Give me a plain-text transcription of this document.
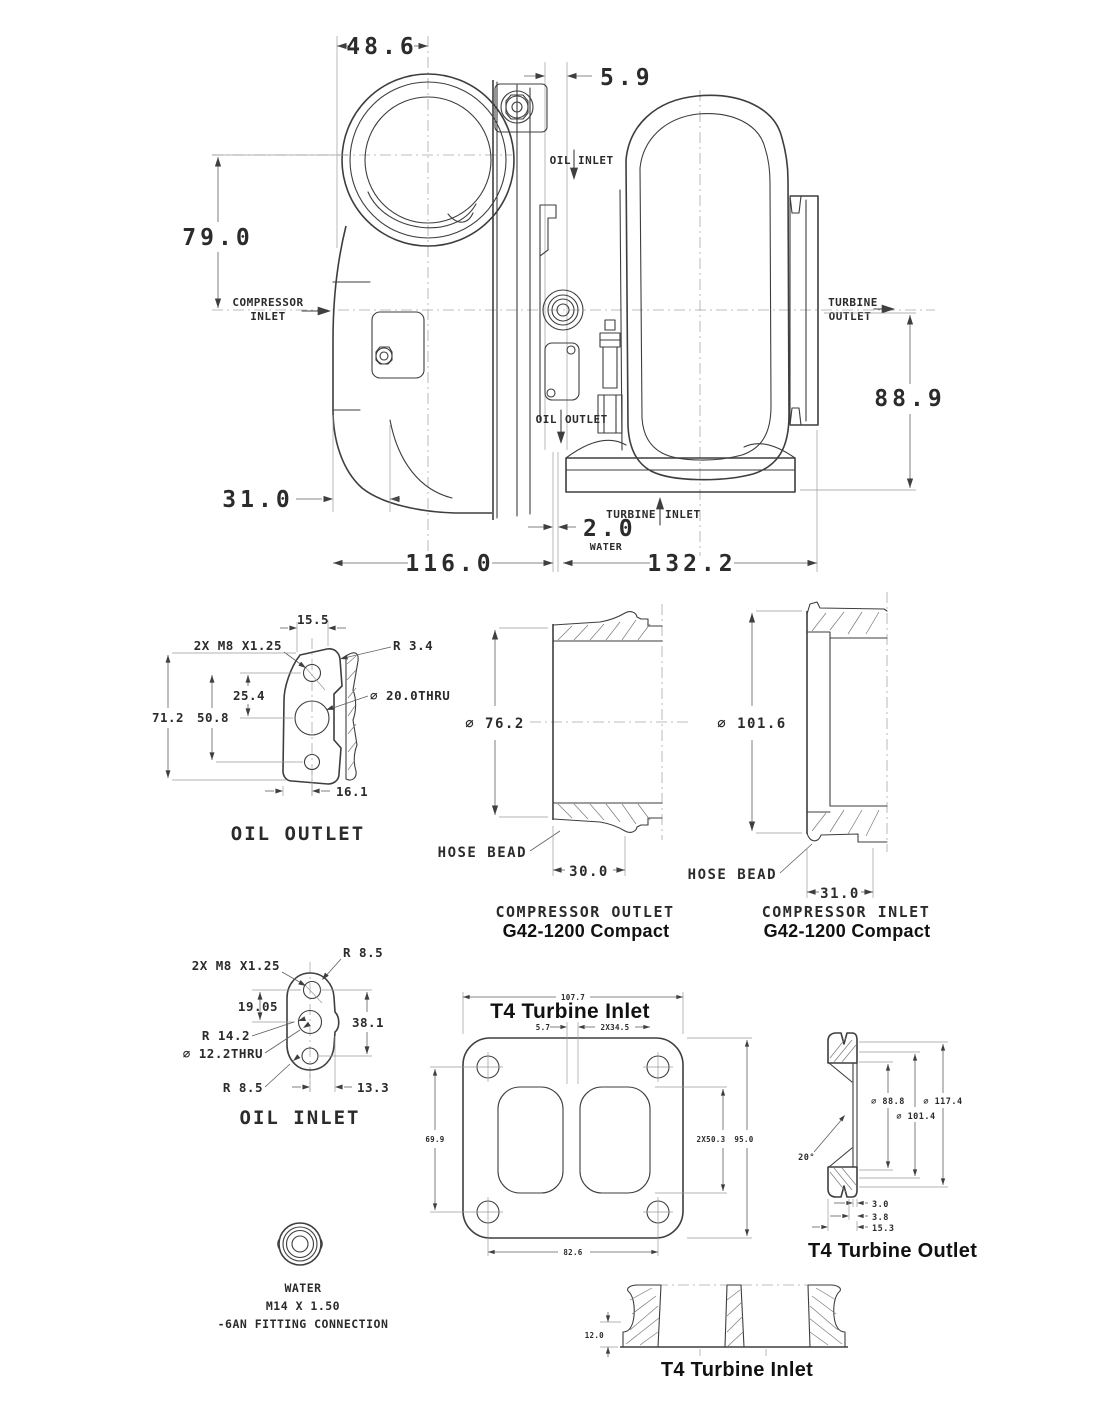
48.6
5.9
79.0
COMPRESSOR
INLET
TURBINE
OUTLET
88.9
OIL INLET
OIL OUTLET
TURBINE INLET
31.0
2.0
WATER
116.0	132.2
15.5
2X M8 X1.25	R 3.4
25.4
71.2 50.8
∅ 20.0THRU
16.1
OIL OUTLET
∅ 76.2
HOSE BEAD
30.0
COMPRESSOR OUTLET
G42-1200 Compact
∅ 101.6
HOSE BEAD
31.0
COMPRESSOR INLET
G42-1200 Compact
R 8.5
2X M8 X1.25
19.05
R 14.2
∅ 12.2THRU
R 8.5
38.1
13.3
OIL INLET
WATER
M14 X 1.50
-6AN FITTING CONNECTION
107.7
T4 Turbine Inlet
5.7	2X34.5
69.9	2X50.3 95.0
82.6
∅ 88.8
∅ 101.4
∅ 117.4
20°
3.0
3.8
15.3
T4 Turbine Outlet
12.0
T4 Turbine Inlet
